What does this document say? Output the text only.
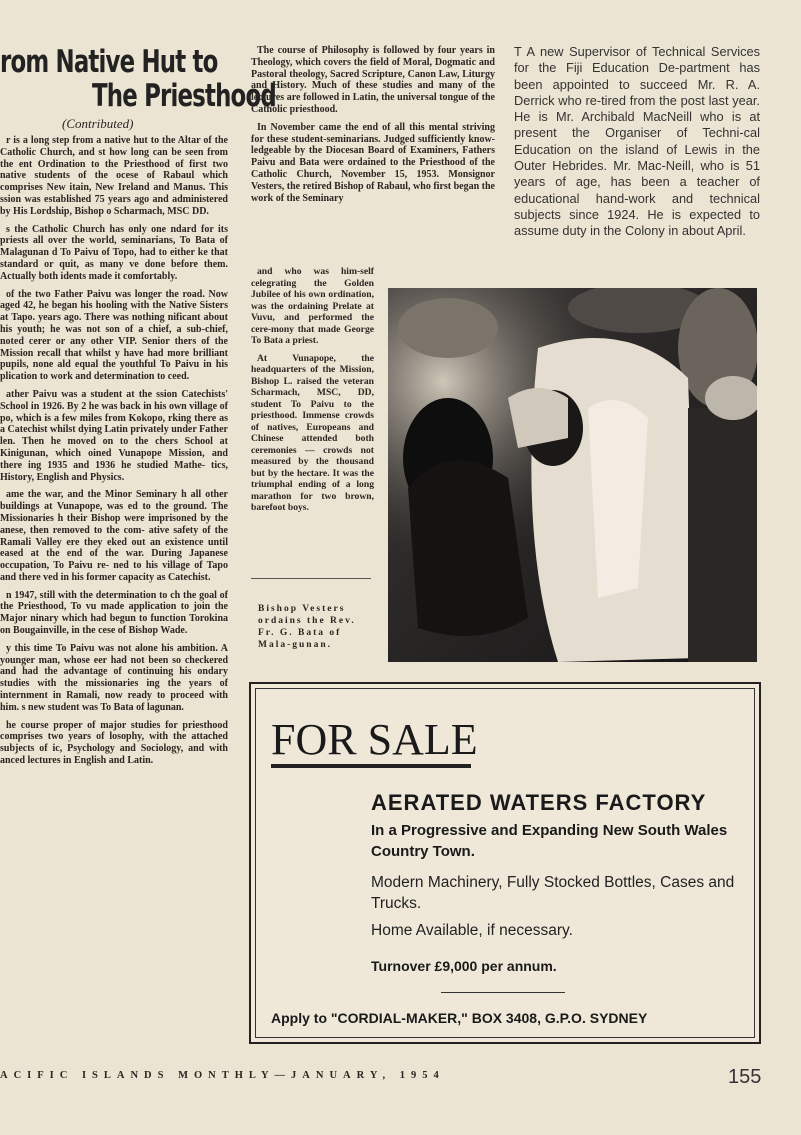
rom Native Hut to
The Priesthood
(Contributed)

r is a long step from a native hut to the Altar of the Catholic Church, and st how long can be seen from the ent Ordination to the Priesthood of first two native students of the ocese of Rabaul which comprises New itain, New Ireland and Manus. This ssion was established 75 years ago and administered by His Lordship, Bishop o Scharmach, MSC DD.

s the Catholic Church has only one ndard for its priests all over the world, seminarians, To Bata of Malagunan d To Paivu of Topo, had to either ke that standard or quit, as many ve done before them. Actually both idents made it comfortably.

of the two Father Paivu was longer the road. Now aged 42, he began his hooling with the Native Sisters at Tapo. years ago. There was nothing nificant about his youth; he was not son of a chief, a sub-chief, noted cerer or any other VIP. Senior thers of the Mission recall that whilst y have had more brilliant pupils, none ald equal the youthful To Paivu in his plication to work and determination to ceed.

ather Paivu was a student at the ssion Catechists' School in 1926. By 2 he was back in his own village of po, which is a few miles from Kokopo, rking there as a Catechist whilst dying Latin privately under Father len. Then he moved on to the chers School at Kinigunan, which oined Vunapope Mission, and there ing 1935 and 1936 he studied Mathe- tics, History, English and Physics.

ame the war, and the Minor Seminary h all other buildings at Vunapope, was ed to the ground. The Missionaries h their Bishop were imprisoned by the anese, then removed to the com- ative safety of the Ramali Valley ere they eked out an existence until eased at the end of the war. During Japanese occupation, To Paivu re- ned to his village of Tapo and there ved in his former capacity as Catechist.

n 1947, still with the determination to ch the goal of the Priesthood, To vu made application to join the Major ninary which had begun to function Torokina on Bougainville, in the cese of Bishop Wade.

y this time To Paivu was not alone his ambition. A younger man, whose eer had not been so checkered and had the advantage of continuing his ondary studies with the missionaries ing the years of internment in Ramali, now ready to proceed with him. s new student was To Bata of lagunan.

he course proper of major studies for priesthood comprises two years of losophy, with the attached subjects of ic, Psychology and Sociology, and with anced lectures in English and Latin.

The course of Philosophy is followed by four years in Theology, which covers the field of Moral, Dogmatic and Pastoral theology, Sacred Scripture, Canon Law, Liturgy and History. Much of these studies and many of the lectures are followed in Latin, the universal tongue of the Catholic priesthood.

In November came the end of all this mental striving for these student-seminarians. Judged sufficiently know-ledgeable by the Diocesan Board of Examiners, Fathers Paivu and Bata were ordained to the Priesthood of the Catholic Church, November 15, 1953. Monsignor Vesters, the retired Bishop of Rabaul, who first began the work of the Seminary

and who was him-self celegrating the Golden Jubilee of his own ordination, was the ordaining Prelate at Vuvu, and performed the cere-mony that made George To Bata a priest.

At Vunapope, the headquarters of the Mission, Bishop L. raised the veteran Scharmach, MSC, DD, student To Paivu to the priesthood. Immense crowds of natives, Europeans and Chinese attended both ceremonies — crowds not measured by the thousand but by the hectare. It was the triumphal ending of a long marathon for two brown, barefoot boys.

Bishop Vesters ordains the Rev. Fr. G. Bata of Mala-gunan.
T A new Supervisor of Technical Services for the Fiji Education De-partment has been appointed to succeed Mr. R. A. Derrick who re-tired from the post last year. He is Mr. Archibald MacNeill who is at present the Organiser of Techni-cal Education on the island of Lewis in the Outer Hebrides. Mr. Mac-Neill, who is 51 years of age, has been a teacher of educational hand-work and technical subjects since 1924. He is expected to assume duty in the Colony in about April.
FOR SALE
AERATED WATERS FACTORY
In a Progressive and Expanding New South Wales Country Town.
Modern Machinery, Fully Stocked Bottles, Cases and Trucks.
Home Available, if necessary.
Turnover £9,000 per annum.
Apply to "CORDIAL-MAKER," BOX 3408, G.P.O. SYDNEY
ACIFIC ISLANDS MONTHLY—JANUARY, 1954	155
